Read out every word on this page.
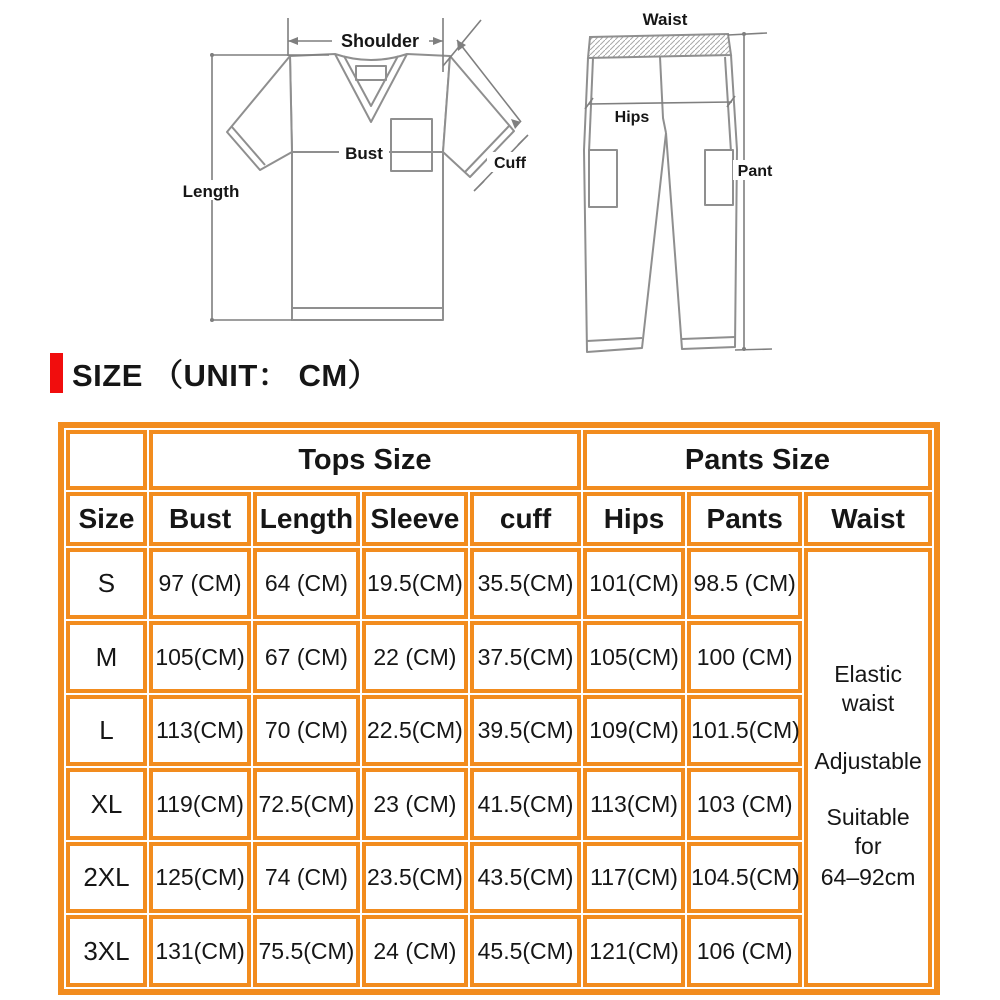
Shoulder
Length
Bust
Cuff
Waist
Hips
Pant
SIZE （UNIT： CM）
	Tops Size				Pants Size		
Size	Bust	Length	Sleeve	cuff	Hips	Pants	Waist
S	97 (CM)	64 (CM)	19.5(CM)	35.5(CM)	101(CM)	98.5 (CM)	Elastic waist
Adjustable
Suitable for
64–92cm

M	105(CM)	67 (CM)	22 (CM)	37.5(CM)	105(CM)	100 (CM)	
L	113(CM)	70 (CM)	22.5(CM)	39.5(CM)	109(CM)	101.5(CM)	
XL	119(CM)	72.5(CM)	23 (CM)	41.5(CM)	113(CM)	103 (CM)	
2XL	125(CM)	74 (CM)	23.5(CM)	43.5(CM)	117(CM)	104.5(CM)	
3XL	131(CM)	75.5(CM)	24 (CM)	45.5(CM)	121(CM)	106 (CM)	
